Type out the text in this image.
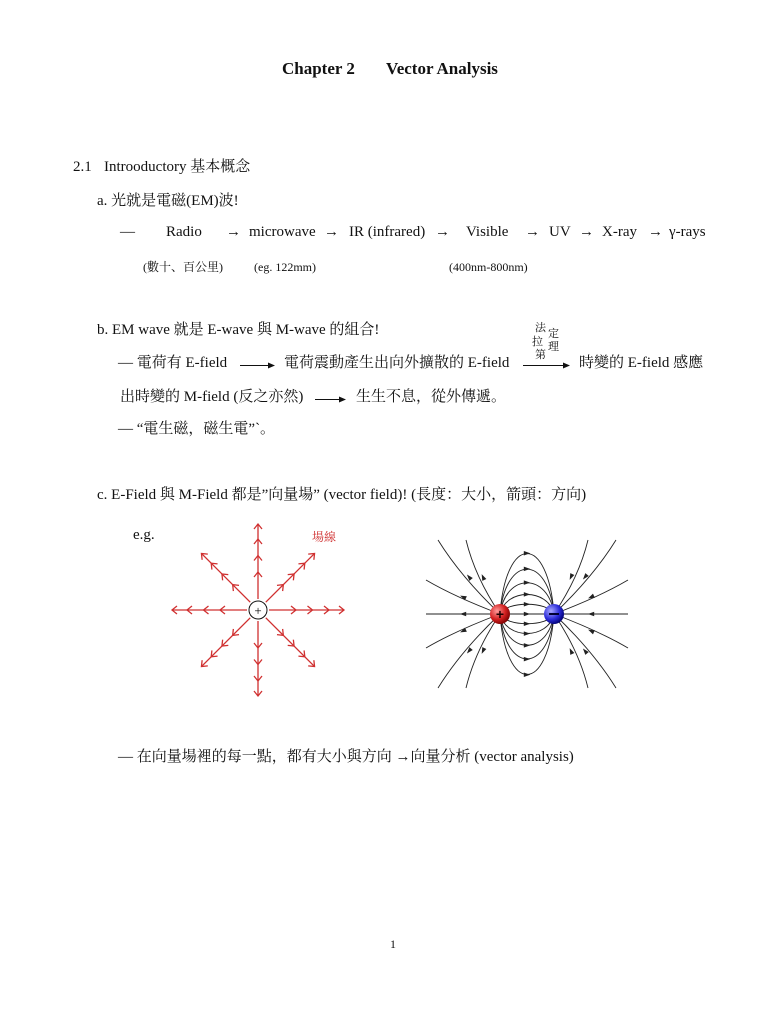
Chapter 2 Vector Analysis
2.1 Introoductory 基本概念
a. 光就是電磁(EM)波!
— Radio → microwave → IR (infrared) → Visible → UV → X-ray → γ-rays
(數十、百公里)	(eg. 122mm)	(400nm-800nm)
b. EM wave 就是 E-wave 與 M-wave 的組合!	法
拉
第
定
理
— 電荷有 E-field	電荷震動產生出向外擴散的 E-field	時變的 E-field 感應
出時變的 M-field (反之亦然)	生生不息，從外傳遞。
— “電生磁，磁生電”`。
c. E-Field 與 M-Field 都是”向量場” (vector field)! (長度：大小，箭頭：方向)
e.g.	場線
+	+
— 在向量場裡的每一點，都有大小與方向 →向量分析 (vector analysis)
1
